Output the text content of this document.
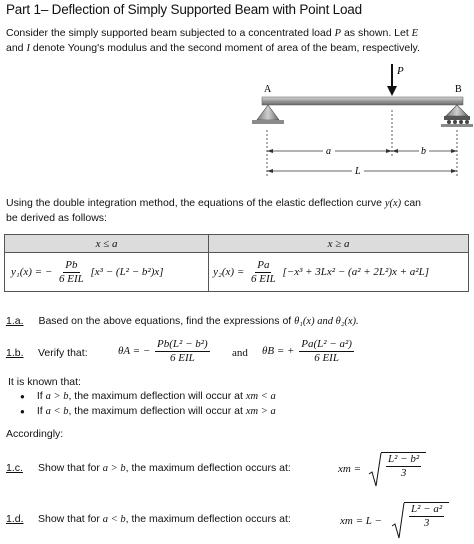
Part 1– Deflection of Simply Supported Beam with Point Load
Consider the simply supported beam subjected to a concentrated load P as shown. Let E
and I denote Young's modulus and the second moment of area of the beam, respectively.
P
A	B
a	b
L
Using the double integration method, the equations of the elastic deflection curve y(x) can
be derived as follows:
x ≤ a	x ≥ a
y₁(x) = − $\frac{Pb}{\text{6 EIL}} [x^3 - (L^2 - b^2)x]$	$y_2(x) = \frac{Pa}{\text{6 EIL}} [-x^3 + 3Lx^2 - (a^2 + 2L^2)x + a^2L]$
1.a. Based on the above equations, find the expressions of θ₁(x) and θ₂(x).
1.b. Verify that:	θA = − $\frac{\text{Pb(L² − b²)}}{\text{6 EIL}}$ and θB = + $\frac{\text{Pa(L² − a²)}}{\text{6 EIL}}$
It is known that:
● If a > b, the maximum deflection will occur at xm < a
● If a < b, the maximum deflection will occur at xm > a
Accordingly:
1.c. Show that for a > b, the maximum deflection occurs at:	xm = $\frac{\text{L² − b²}}{3}$
1.d. Show that for a < b, the maximum deflection occurs at:	xm = $L - \frac{\text{L² − a²}}{3}$
